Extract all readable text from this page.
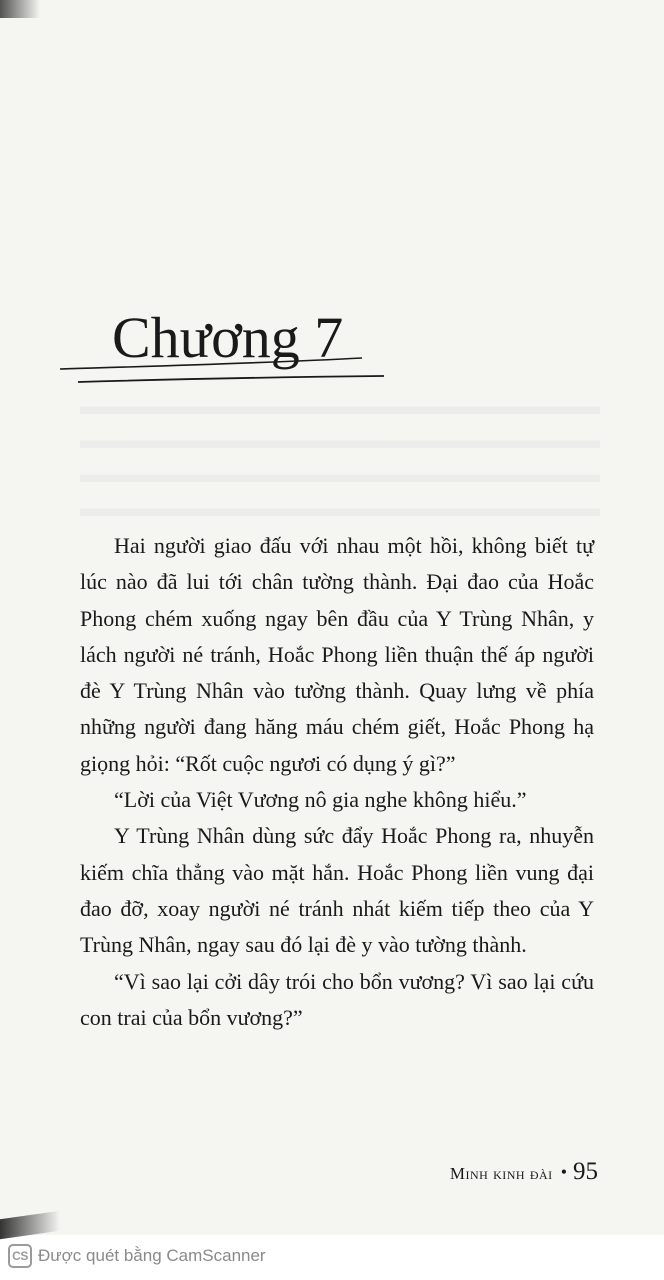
Chương 7

Hai người giao đấu với nhau một hồi, không biết tự lúc nào đã lui tới chân tường thành. Đại đao của Hoắc Phong chém xuống ngay bên đầu của Y Trùng Nhân, y lách người né tránh, Hoắc Phong liền thuận thế áp người đè Y Trùng Nhân vào tường thành. Quay lưng về phía những người đang hăng máu chém giết, Hoắc Phong hạ giọng hỏi: “Rốt cuộc ngươi có dụng ý gì?”

“Lời của Việt Vương nô gia nghe không hiểu.”

Y Trùng Nhân dùng sức đẩy Hoắc Phong ra, nhuyễn kiếm chĩa thẳng vào mặt hắn. Hoắc Phong liền vung đại đao đỡ, xoay người né tránh nhát kiếm tiếp theo của Y Trùng Nhân, ngay sau đó lại đè y vào tường thành.

“Vì sao lại cởi dây trói cho bổn vương? Vì sao lại cứu con trai của bổn vương?”

Minh kinh đài • 95
CS Được quét bằng CamScanner
